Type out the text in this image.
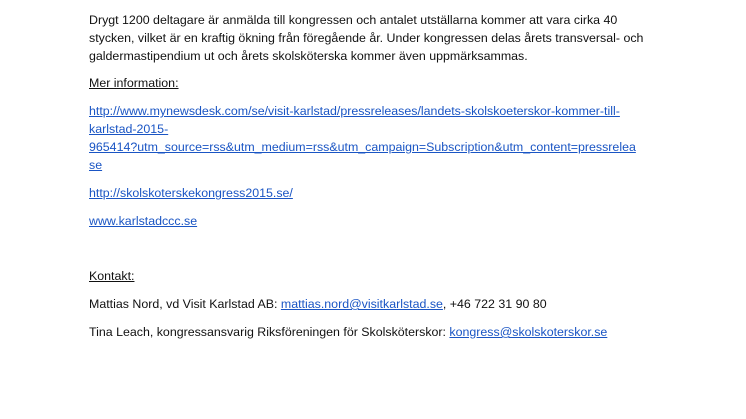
Drygt 1200 deltagare är anmälda till kongressen och antalet utställarna kommer att vara cirka 40
stycken, vilket är en kraftig ökning från föregående år. Under kongressen delas årets transversal- och
galdermastipendium ut och årets skolsköterska kommer även uppmärksammas.

Mer information:

http://www.mynewsdesk.com/se/visit-karlstad/pressreleases/landets-skolskoeterskor-kommer-till-
karlstad-2015-
965414?utm_source=rss&utm_medium=rss&utm_campaign=Subscription&utm_content=pressrelea
se

http://skolskoterskekongress2015.se/

www.karlstadccc.se

Kontakt:

Mattias Nord, vd Visit Karlstad AB: mattias.nord@visitkarlstad.se, +46 722 31 90 80

Tina Leach, kongressansvarig Riksföreningen för Skolsköterskor: kongress@skolskoterskor.se
